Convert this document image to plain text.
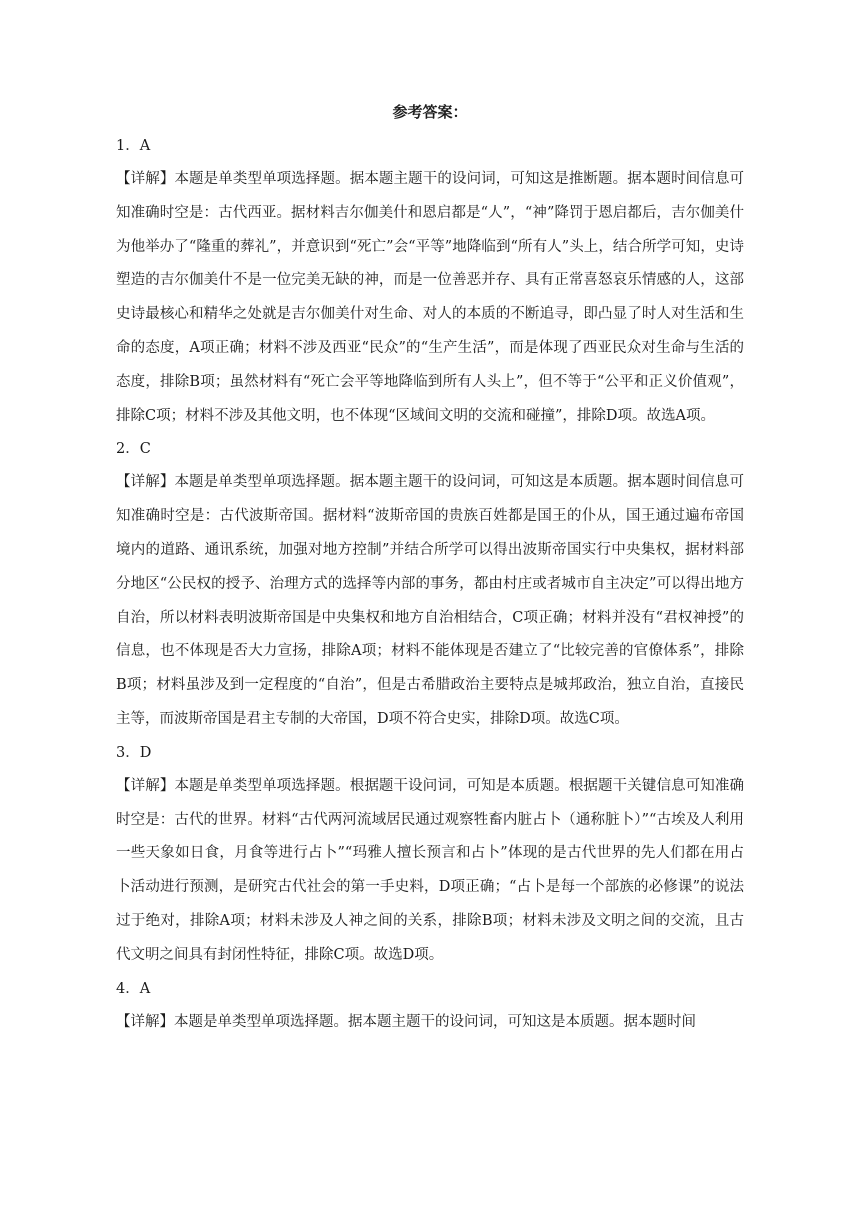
参考答案：
1．A

【详解】本题是单类型单项选择题。据本题主题干的设问词，可知这是推断题。据本题时间信息可知准确时空是：古代西亚。据材料吉尔伽美什和恩启都是“人”，“神”降罚于恩启都后，吉尔伽美什为他举办了“隆重的葬礼”，并意识到“死亡”会“平等”地降临到“所有人”头上，结合所学可知，史诗塑造的吉尔伽美什不是一位完美无缺的神，而是一位善恶并存、具有正常喜怒哀乐情感的人，这部史诗最核心和精华之处就是吉尔伽美什对生命、对人的本质的不断追寻，即凸显了时人对生活和生命的态度，A项正确；材料不涉及西亚“民众”的“生产生活”，而是体现了西亚民众对生命与生活的态度，排除B项；虽然材料有“死亡会平等地降临到所有人头上”，但不等于“公平和正义价值观”，排除C项；材料不涉及其他文明，也不体现“区域间文明的交流和碰撞”，排除D项。故选A项。

2．C

【详解】本题是单类型单项选择题。据本题主题干的设问词，可知这是本质题。据本题时间信息可知准确时空是：古代波斯帝国。据材料“波斯帝国的贵族百姓都是国王的仆从，国王通过遍布帝国境内的道路、通讯系统，加强对地方控制”并结合所学可以得出波斯帝国实行中央集权，据材料部分地区“公民权的授予、治理方式的选择等内部的事务，都由村庄或者城市自主决定”可以得出地方自治，所以材料表明波斯帝国是中央集权和地方自治相结合，C项正确；材料并没有“君权神授”的信息，也不体现是否大力宣扬，排除A项；材料不能体现是否建立了“比较完善的官僚体系”，排除B项；材料虽涉及到一定程度的“自治”，但是古希腊政治主要特点是城邦政治，独立自治，直接民主等，而波斯帝国是君主专制的大帝国，D项不符合史实，排除D项。故选C项。

3．D

【详解】本题是单类型单项选择题。根据题干设问词，可知是本质题。根据题干关键信息可知准确时空是：古代的世界。材料“古代两河流域居民通过观察牲畜内脏占卜（通称脏卜）”“古埃及人利用一些天象如日食，月食等进行占卜”“玛雅人擅长预言和占卜”体现的是古代世界的先人们都在用占卜活动进行预测，是研究古代社会的第一手史料，D项正确；“占卜是每一个部族的必修课”的说法过于绝对，排除A项；材料未涉及人神之间的关系，排除B项；材料未涉及文明之间的交流，且古代文明之间具有封闭性特征，排除C项。故选D项。

4．A

【详解】本题是单类型单项选择题。据本题主题干的设问词，可知这是本质题。据本题时间
